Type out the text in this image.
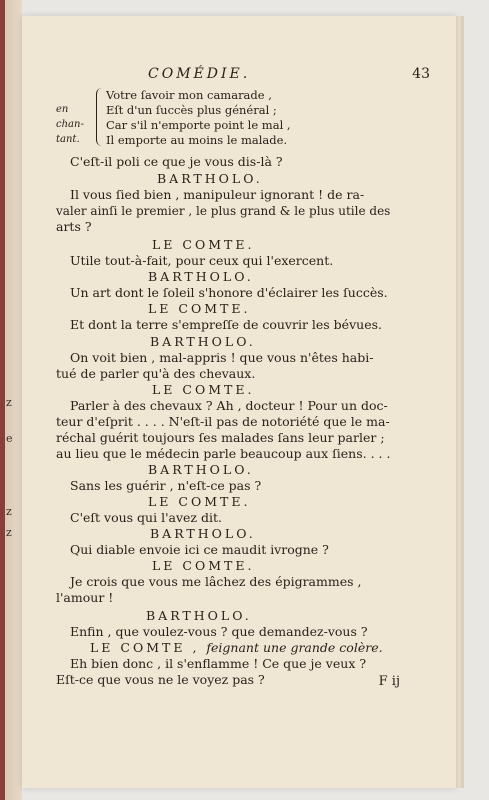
z
e
z
z
COMÉDIE.	43
en chan-
tant.
Votre ſavoir mon camarade ,
Eſt d'un ſuccès plus général ;
Car s'il n'emporte point le mal ,
Il emporte au moins le malade.
C'eſt-il poli ce que je vous dis-là ?
BARTHOLO.
Il vous ſied bien , manipuleur ignorant ! de ra-
valer ainſi le premier , le plus grand & le plus utile des
arts ?
LE COMTE.
Utile tout-à-fait, pour ceux qui l'exercent.
BARTHOLO.
Un art dont le ſoleil s'honore d'éclairer les ſuccès.
LE COMTE.
Et dont la terre s'empreſſe de couvrir les bévues.
BARTHOLO.
On voit bien , mal-appris ! que vous n'êtes habi-
tué de parler qu'à des chevaux.
LE COMTE.
Parler à des chevaux ? Ah , docteur ! Pour un doc-
teur d'eſprit . . . . N'eſt-il pas de notoriété que le ma-
réchal guérit toujours ſes malades ſans leur parler ;
au lieu que le médecin parle beaucoup aux ſiens. . . .
BARTHOLO.
Sans les guérir , n'eſt-ce pas ?
LE COMTE.
C'eſt vous qui l'avez dit.
BARTHOLO.
Qui diable envoie ici ce maudit ivrogne ?
LE COMTE.
Je crois que vous me lâchez des épigrammes ,
l'amour !
BARTHOLO.
Enfin , que voulez-vous ? que demandez-vous ?
LE COMTE , feignant une grande colère.
Eh bien donc , il s'enflamme ! Ce que je veux ?
Eſt-ce que vous ne le voyez pas ?	F ij
